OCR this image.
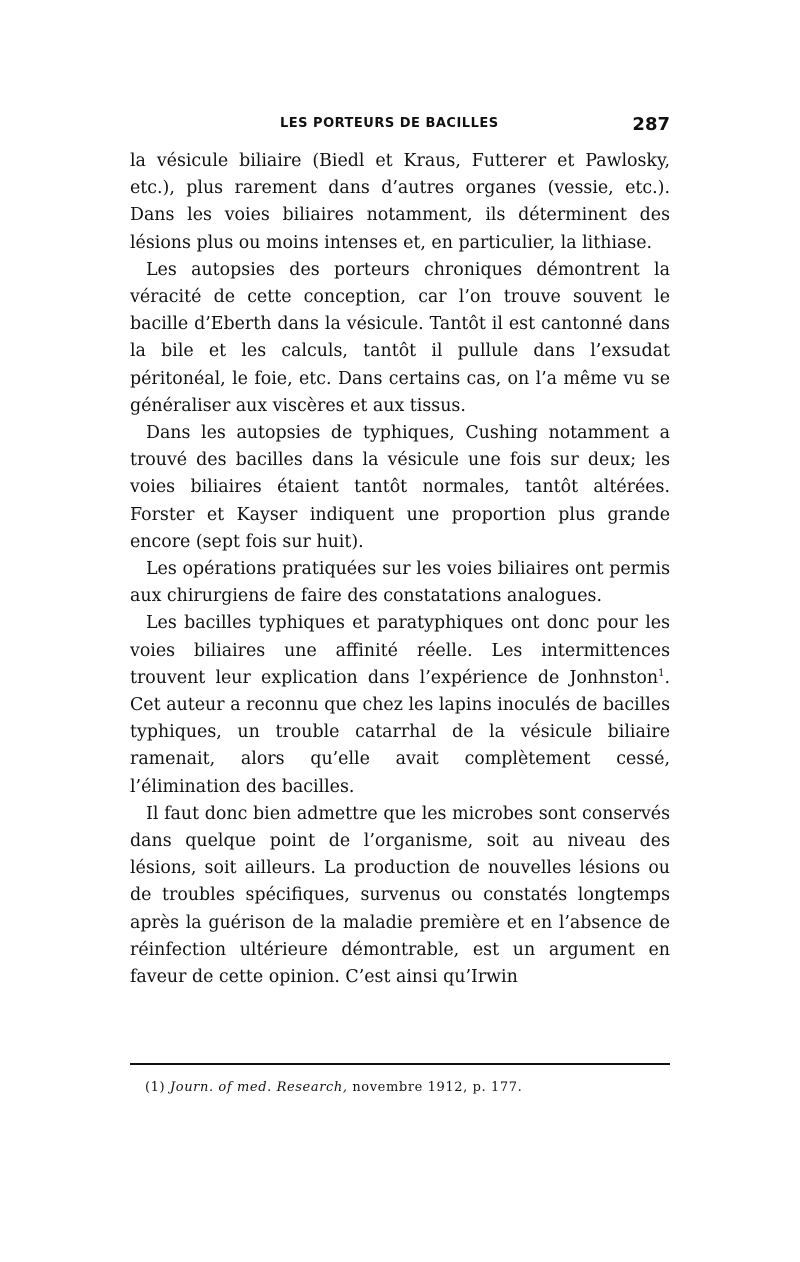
LES PORTEURS DE BACILLES	287

la vésicule biliaire (Biedl et Kraus, Futterer et Pawlosky, etc.), plus rarement dans d’autres organes (vessie, etc.). Dans les voies biliaires notamment, ils déterminent des lésions plus ou moins intenses et, en particulier, la lithiase.

Les autopsies des porteurs chroniques démontrent la véracité de cette conception, car l’on trouve souvent le bacille d’Eberth dans la vésicule. Tantôt il est cantonné dans la bile et les calculs, tantôt il pullule dans l’exsudat péritonéal, le foie, etc. Dans certains cas, on l’a même vu se généraliser aux viscères et aux tissus.

Dans les autopsies de typhiques, Cushing notamment a trouvé des bacilles dans la vésicule une fois sur deux; les voies biliaires étaient tantôt normales, tantôt altérées. Forster et Kayser indiquent une proportion plus grande encore (sept fois sur huit).

Les opérations pratiquées sur les voies biliaires ont permis aux chirurgiens de faire des constatations analogues.

Les bacilles typhiques et paratyphiques ont donc pour les voies biliaires une affinité réelle. Les intermittences trouvent leur explication dans l’expérience de Jonhnston$^1$. Cet auteur a reconnu que chez les lapins inoculés de bacilles typhiques, un trouble catarrhal de la vésicule biliaire ramenait, alors qu’elle avait complètement cessé, l’élimination des bacilles.

Il faut donc bien admettre que les microbes sont conservés dans quelque point de l’organisme, soit au niveau des lésions, soit ailleurs. La production de nouvelles lésions ou de troubles spécifiques, survenus ou constatés longtemps après la guérison de la maladie première et en l’absence de réinfection ultérieure démontrable, est un argument en faveur de cette opinion. C’est ainsi qu’Irwin

(1) Journ. of med. Research, novembre 1912, p. 177.
